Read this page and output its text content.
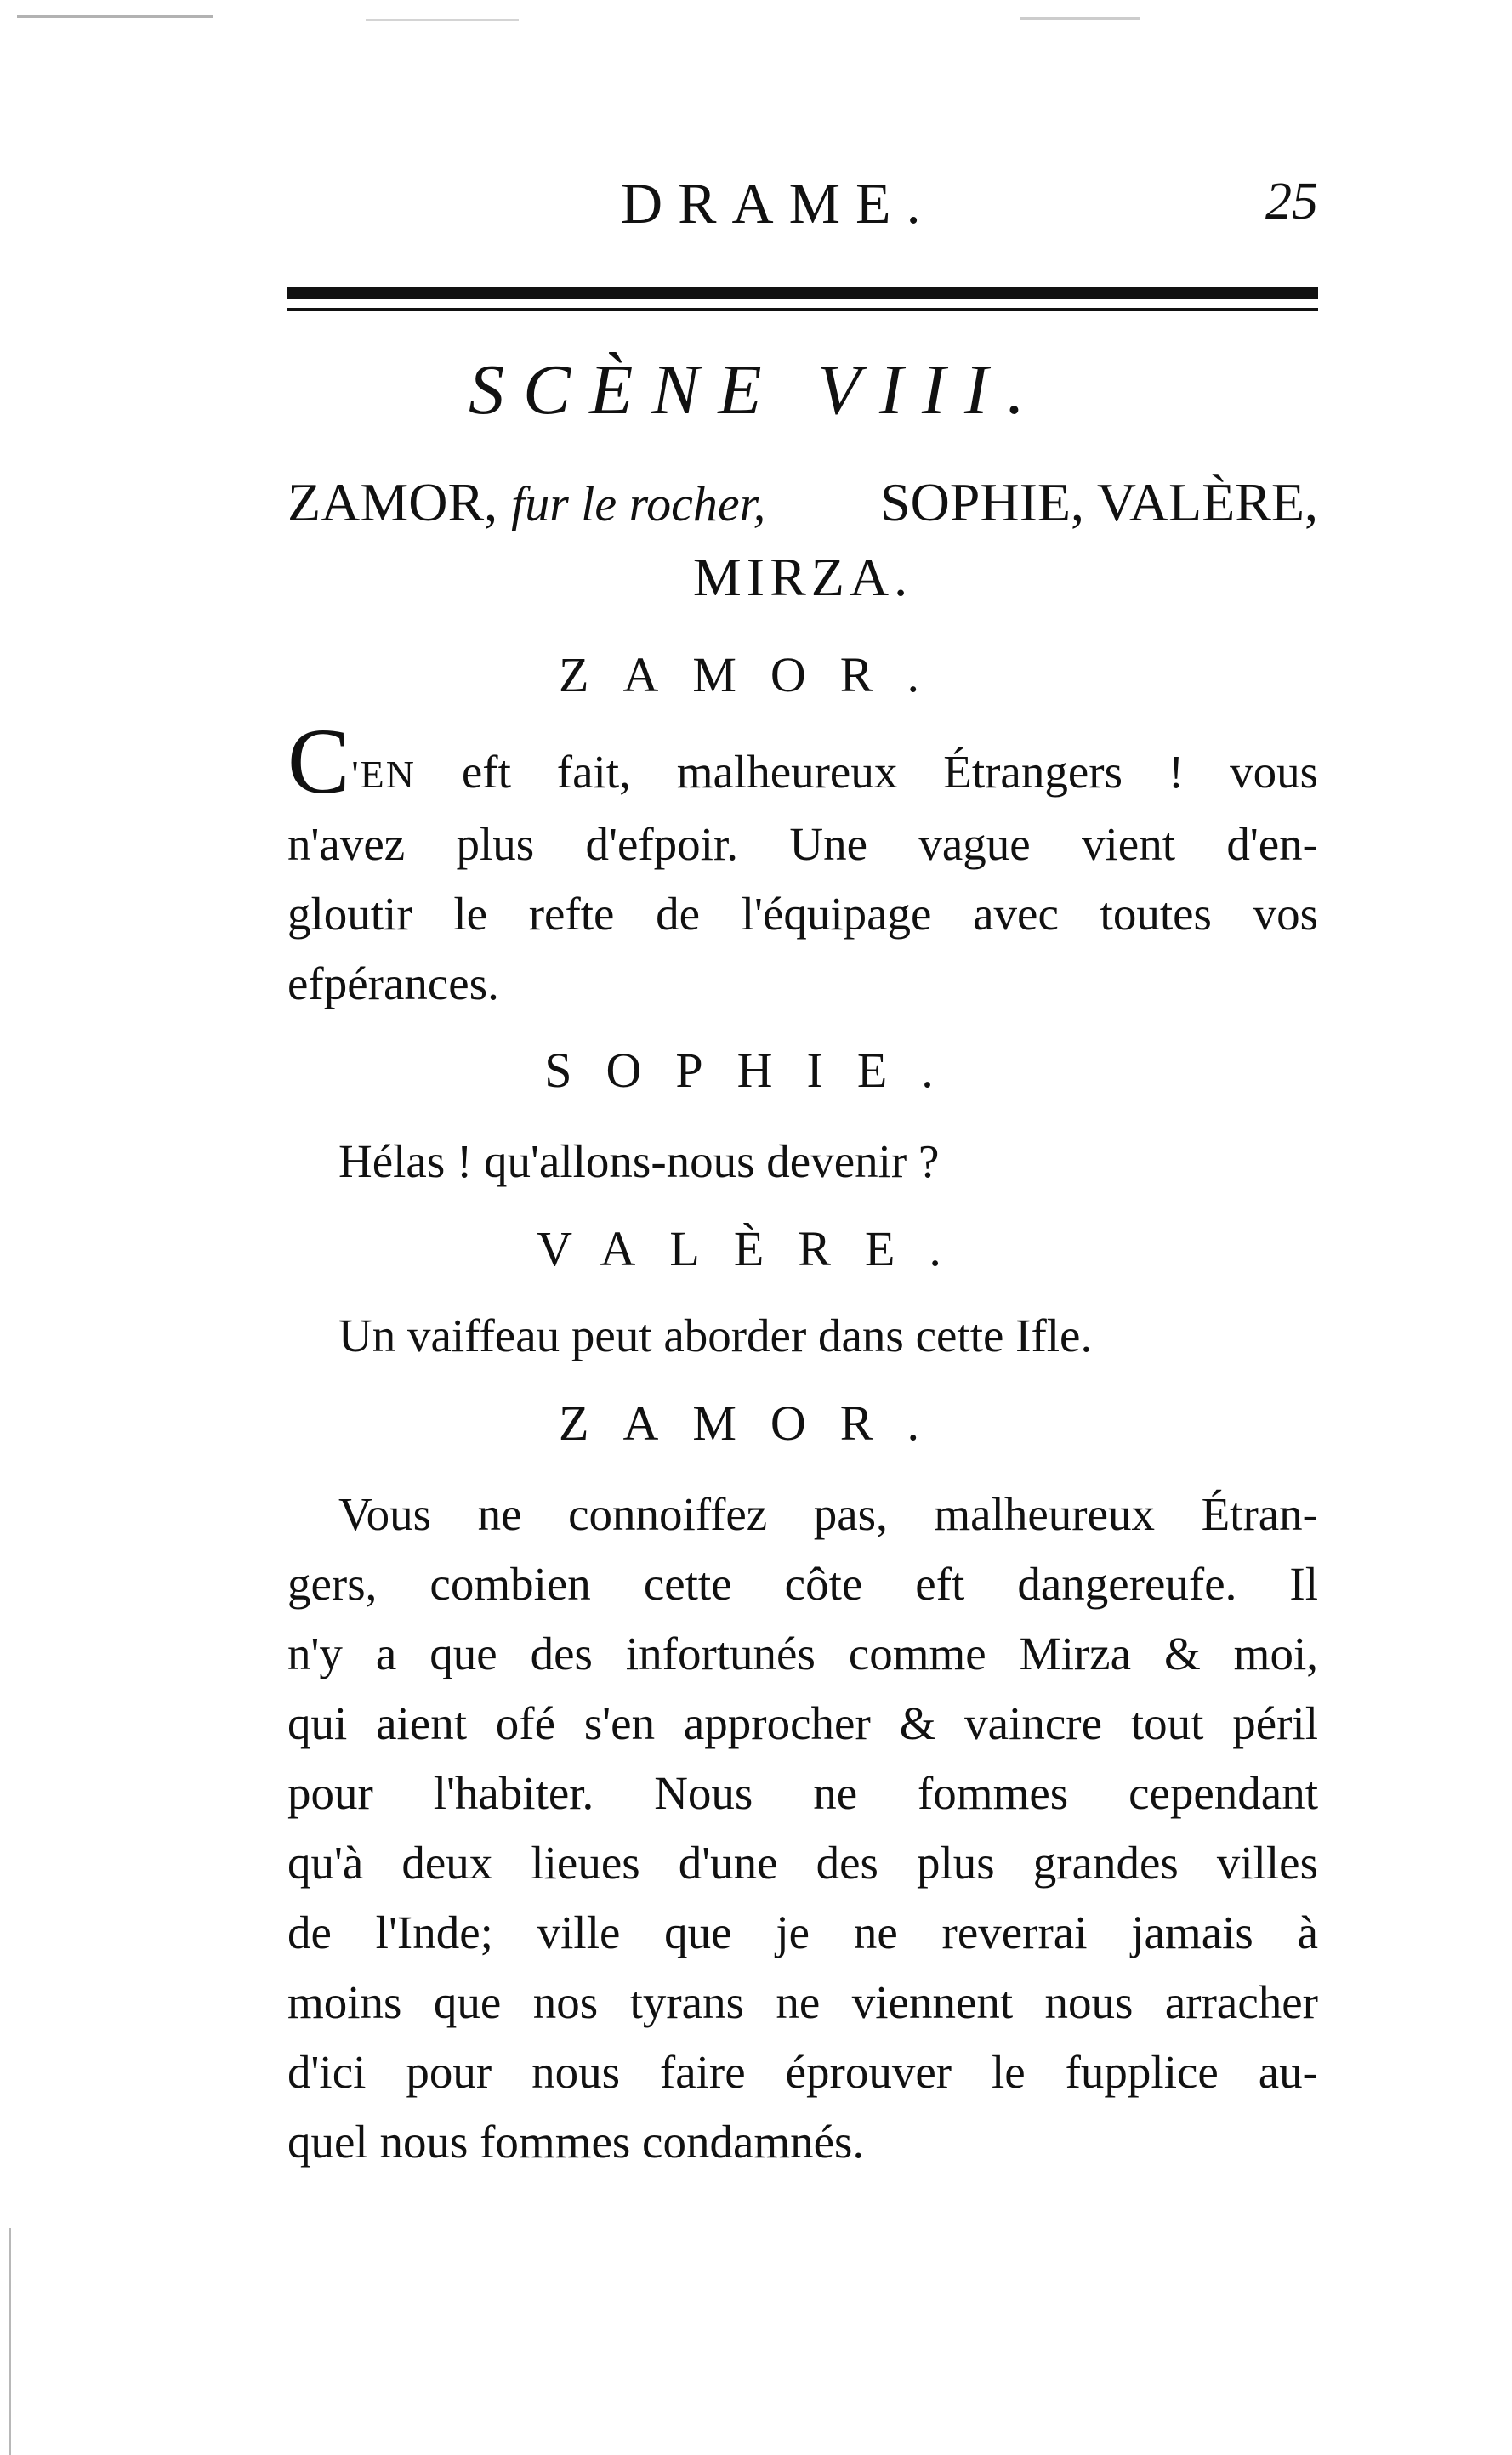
DRAME.	25
SCÈNE VIII.
ZAMOR, fur le rocher, SOPHIE, VALÈRE,
MIRZA.
ZAMOR.
C'EN eft fait, malheureux Étrangers ! vous
n'avez plus d'efpoir. Une vague vient d'en-
gloutir le refte de l'équipage avec toutes vos
efpérances.
SOPHIE.
Hélas ! qu'allons-nous devenir ?
VALÈRE.
Un vaiffeau peut aborder dans cette Ifle.
ZAMOR.
Vous ne connoiffez pas, malheureux Étran-
gers, combien cette côte eft dangereufe. Il
n'y a que des infortunés comme Mirza & moi,
qui aient ofé s'en approcher & vaincre tout péril
pour l'habiter. Nous ne fommes cependant
qu'à deux lieues d'une des plus grandes villes
de l'Inde; ville que je ne reverrai jamais à
moins que nos tyrans ne viennent nous arracher
d'ici pour nous faire éprouver le fupplice au-
quel nous fommes condamnés.
